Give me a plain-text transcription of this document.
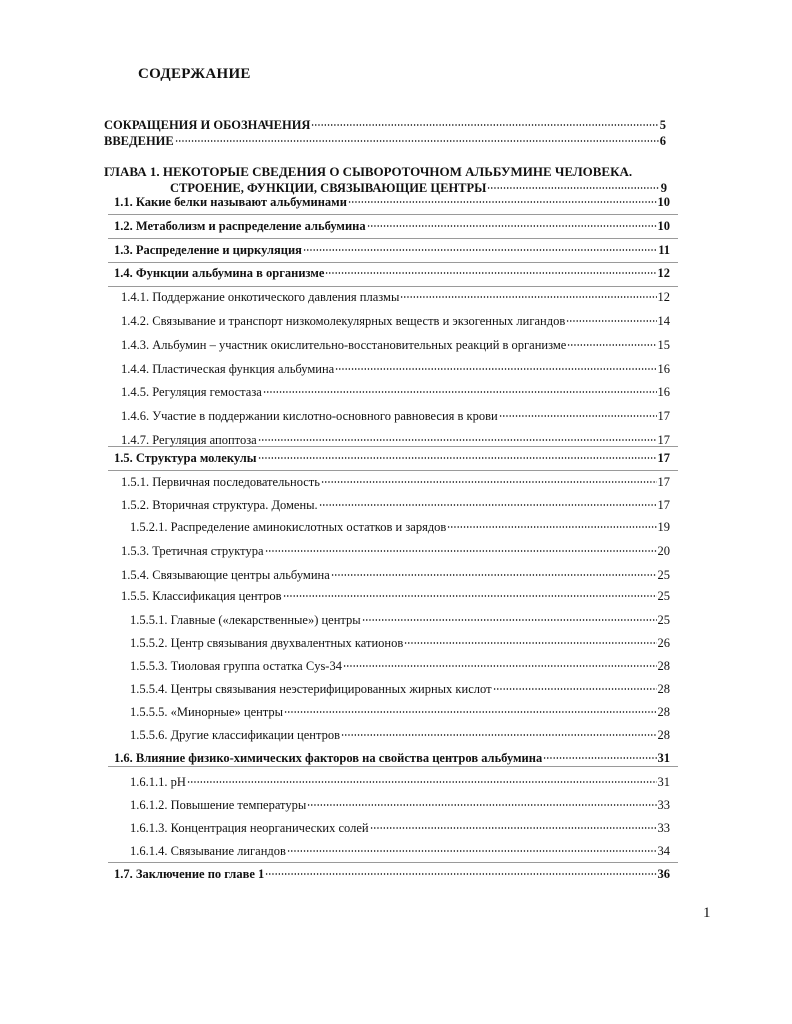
СОДЕРЖАНИЕ
СОКРАЩЕНИЯ И ОБОЗНАЧЕНИЯ	5
ВВЕДЕНИЕ	6
ГЛАВА 1. НЕКОТОРЫЕ СВЕДЕНИЯ О СЫВОРОТОЧНОМ АЛЬБУМИНЕ ЧЕЛОВЕКА.
СТРОЕНИЕ, ФУНКЦИИ, СВЯЗЫВАЮЩИЕ ЦЕНТРЫ	9
1.1. Какие белки называют альбуминами	10
1.2. Метаболизм и распределение альбумина	10
1.3. Распределение и циркуляция	11
1.4. Функции альбумина в организме	12
1.4.1. Поддержание онкотического давления плазмы	12
1.4.2. Связывание и транспорт низкомолекулярных веществ и экзогенных лигандов	14
1.4.3. Альбумин – участник окислительно-восстановительных реакций в организме	15
1.4.4. Пластическая функция альбумина	16
1.4.5. Регуляция гемостаза	16
1.4.6. Участие в поддержании кислотно-основного равновесия в крови	17
1.4.7. Регуляция апоптоза	17
1.5. Структура молекулы	17
1.5.1. Первичная последовательность	17
1.5.2. Вторичная структура. Домены.	17
1.5.2.1. Распределение аминокислотных остатков и зарядов	19
1.5.3. Третичная структура	20
1.5.4. Связывающие центры альбумина	25
1.5.5. Классификация центров	25
1.5.5.1. Главные («лекарственные») центры	25
1.5.5.2. Центр связывания двухвалентных катионов	26
1.5.5.3. Тиоловая группа остатка Cys-34	28
1.5.5.4. Центры связывания неэстерифицированных жирных кислот	28
1.5.5.5. «Минорные» центры	28
1.5.5.6. Другие классификации центров	28
1.6. Влияние физико-химических факторов на свойства центров альбумина	31
1.6.1.1. pH	31
1.6.1.2. Повышение температуры	33
1.6.1.3. Концентрация неорганических солей	33
1.6.1.4. Связывание лигандов	34
1.7. Заключение по главе 1	36
1
